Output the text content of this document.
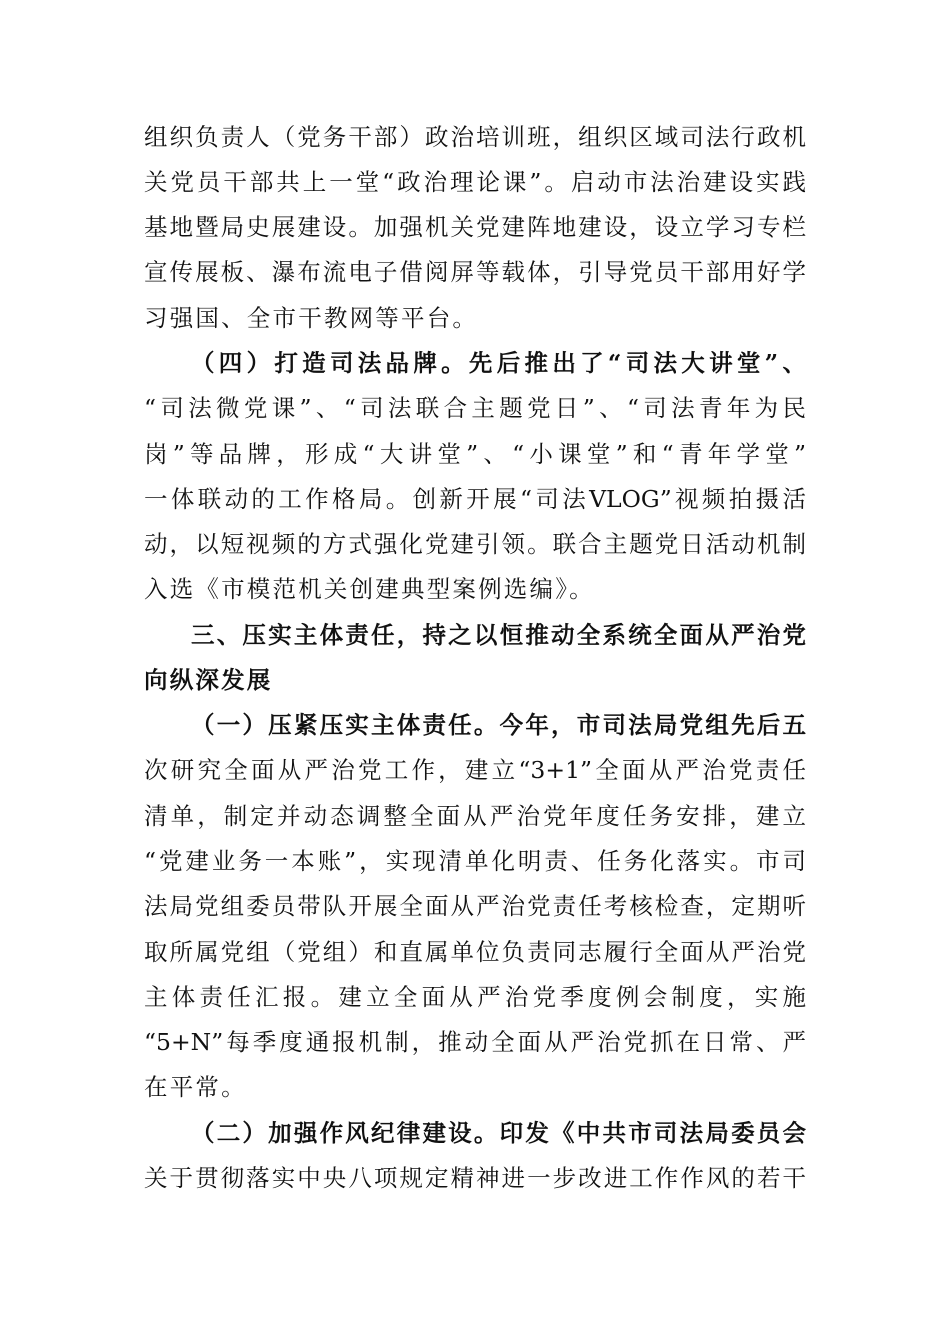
组织负责人（党务干部）政治培训班，组织区域司法行政机
关党员干部共上一堂“政治理论课”。启动市法治建设实践
基地暨局史展建设。加强机关党建阵地建设，设立学习专栏
宣传展板、瀑布流电子借阅屏等载体，引导党员干部用好学
习强国、全市干教网等平台。
（四）打造司法品牌。先后推出了“司法大讲堂”、
“司法微党课”、“司法联合主题党日”、“司法青年为民
岗”等品牌，形成“大讲堂”、“小课堂”和“青年学堂”
一体联动的工作格局。创新开展“司法VLOG”视频拍摄活
动，以短视频的方式强化党建引领。联合主题党日活动机制
入选《市模范机关创建典型案例选编》。
三、压实主体责任，持之以恒推动全系统全面从严治党
向纵深发展
（一）压紧压实主体责任。今年，市司法局党组先后五
次研究全面从严治党工作，建立“3+1”全面从严治党责任
清单，制定并动态调整全面从严治党年度任务安排，建立
“党建业务一本账”，实现清单化明责、任务化落实。市司
法局党组委员带队开展全面从严治党责任考核检查，定期听
取所属党组（党组）和直属单位负责同志履行全面从严治党
主体责任汇报。建立全面从严治党季度例会制度，实施
“5+N”每季度通报机制，推动全面从严治党抓在日常、严
在平常。
（二）加强作风纪律建设。印发《中共市司法局委员会
关于贯彻落实中央八项规定精神进一步改进工作作风的若干
